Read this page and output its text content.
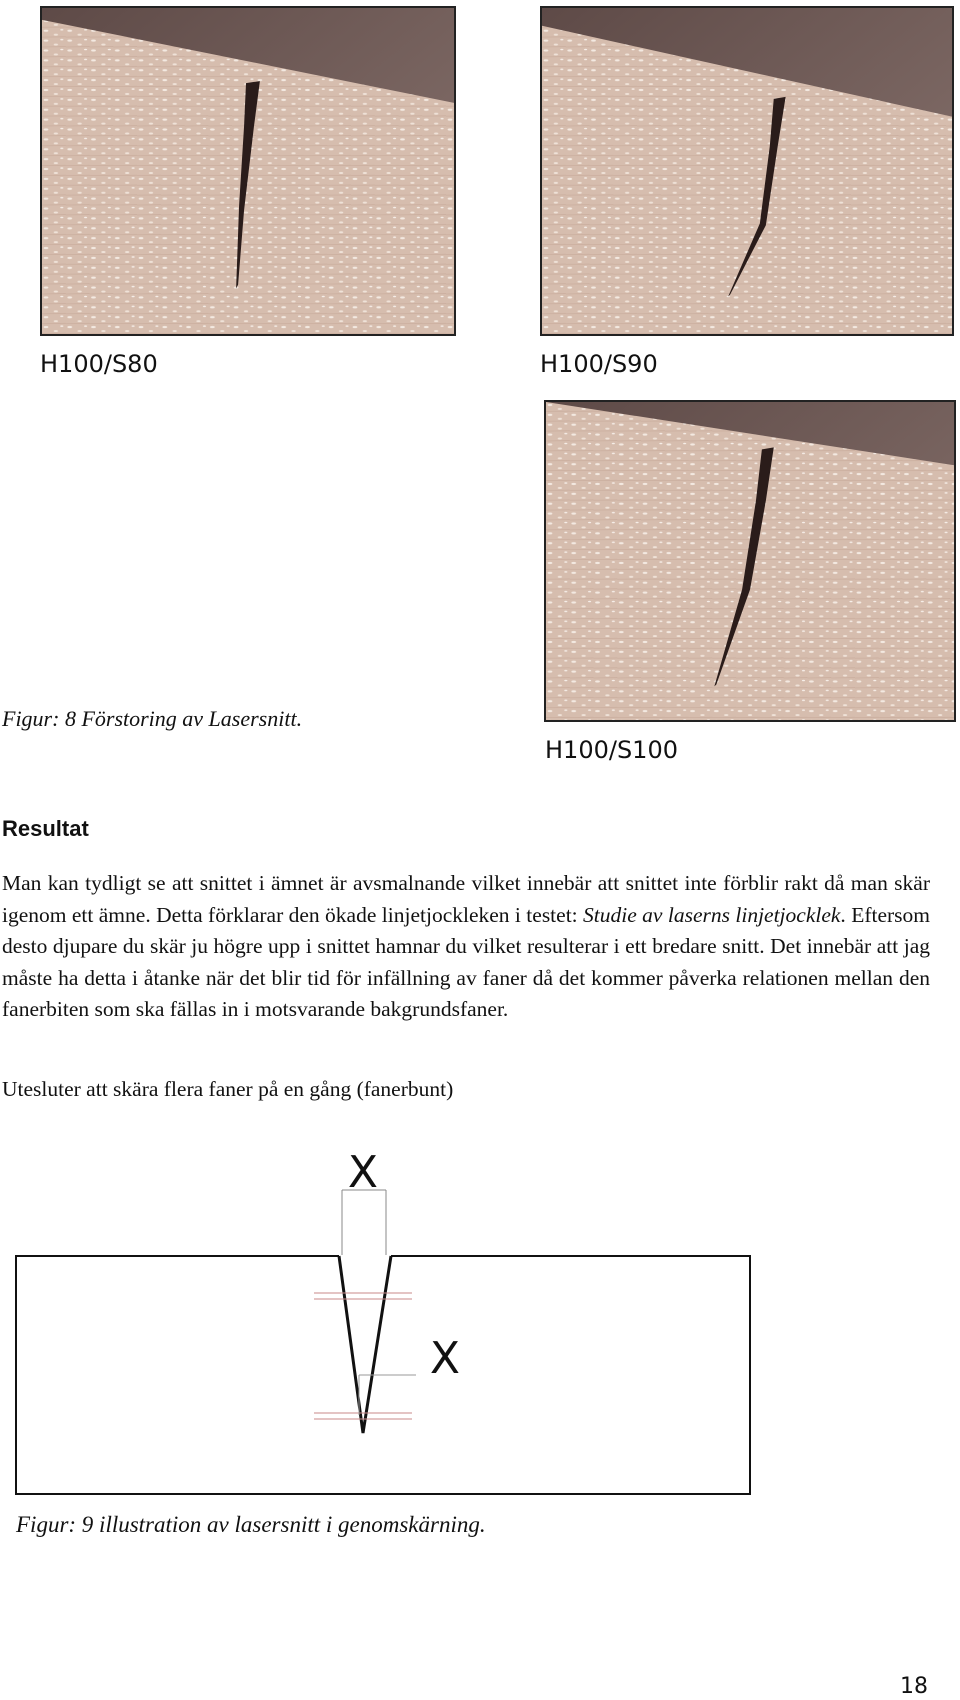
H100/S80	H100/S90
H100/S100
Figur: 8 Förstoring av Lasersnitt.
Resultat

Man kan tydligt se att snittet i ämnet är avsmalnande vilket innebär att snittet inte förblir rakt då man skär igenom ett ämne. Detta förklarar den ökade linjetjockleken i testet: Studie av laserns linjetjocklek. Eftersom desto djupare du skär ju högre upp i snittet hamnar du vilket resulterar i ett bredare snitt. Det innebär att jag måste ha detta i åtanke när det blir tid för infällning av faner då det kommer påverka relationen mellan den fanerbiten som ska fällas in i motsvarande bakgrundsfaner.

Utesluter att skära flera faner på en gång (fanerbunt)

X
X
Figur: 9 illustration av lasersnitt i genomskärning.
18
